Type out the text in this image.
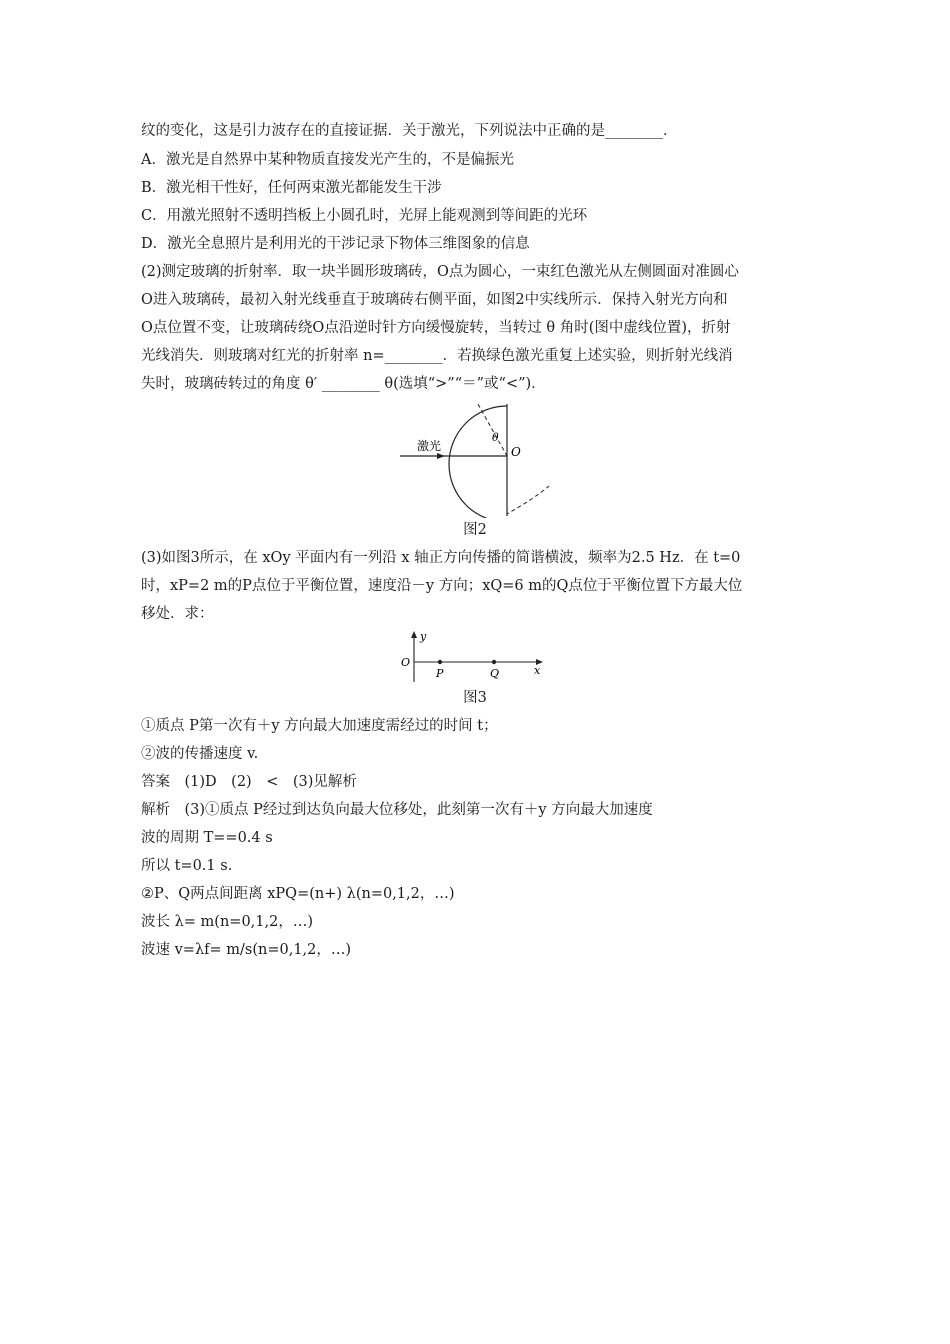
纹的变化，这是引力波存在的直接证据．关于激光，下列说法中正确的是________．
A．激光是自然界中某种物质直接发光产生的，不是偏振光
B．激光相干性好，任何两束激光都能发生干涉
C．用激光照射不透明挡板上小圆孔时，光屏上能观测到等间距的光环
D．激光全息照片是利用光的干涉记录下物体三维图象的信息
(2)测定玻璃的折射率．取一块半圆形玻璃砖，O点为圆心，一束红色激光从左侧圆面对准圆心
O进入玻璃砖，最初入射光线垂直于玻璃砖右侧平面，如图2中实线所示．保持入射光方向和
O点位置不变，让玻璃砖绕O点沿逆时针方向缓慢旋转，当转过 θ 角时(图中虚线位置)，折射
光线消失．则玻璃对红光的折射率 n=________．若换绿色激光重复上述实验，则折射光线消
失时，玻璃砖转过的角度 θ′ ________ θ(选填“>”“＝”或“<”)．
激光
θ
O
图2
(3)如图3所示，在 xOy 平面内有一列沿 x 轴正方向传播的简谐横波，频率为2.5 Hz．在 t=0
时，xP=2 m的P点位于平衡位置，速度沿－y 方向；xQ=6 m的Q点位于平衡位置下方最大位
移处．求：
y
O
P	Q	x
图3
①质点 P第一次有＋y 方向最大加速度需经过的时间 t；
②波的传播速度 v.
答案　(1)D　(2)　<　(3)见解析
解析　(3)①质点 P经过到达负向最大位移处，此刻第一次有＋y 方向最大加速度
波的周期 T==0.4 s
所以 t=0.1 s.
②P、Q两点间距离 xPQ=(n+) λ(n=0,1,2，…)
波长 λ= m(n=0,1,2，…)
波速 v=λf= m/s(n=0,1,2，…)
